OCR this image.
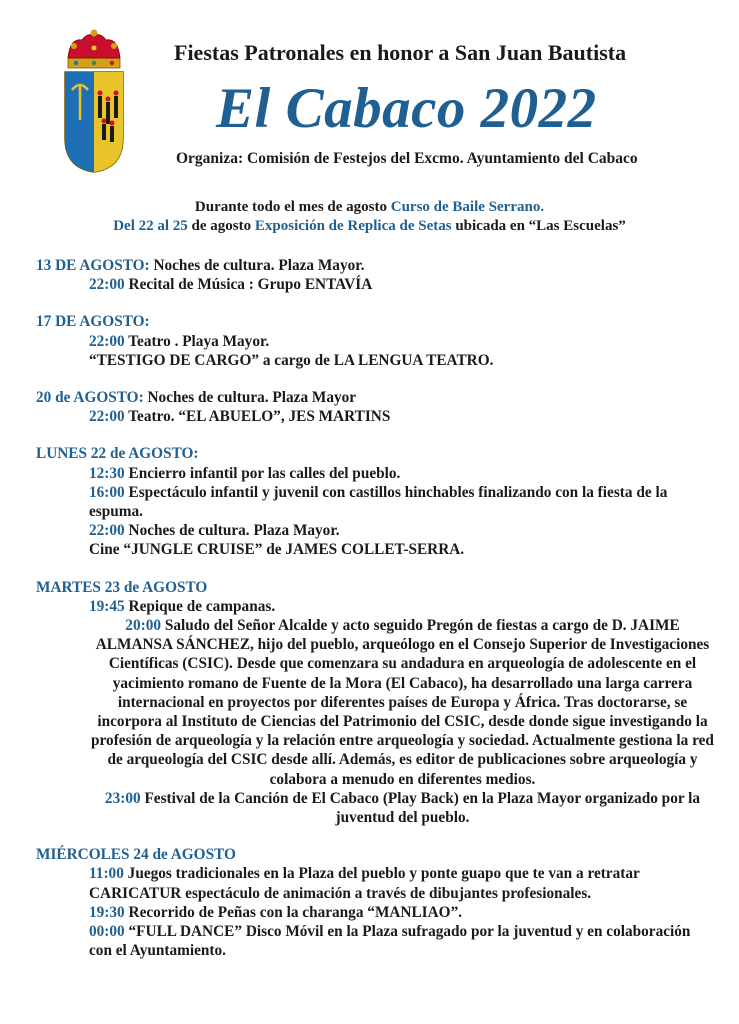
Fiestas Patronales en honor a San Juan Bautista
El Cabaco 2022
Organiza: Comisión de Festejos del Excmo. Ayuntamiento del Cabaco
Durante todo el mes de agosto Curso de Baile Serrano.
Del 22 al 25 de agosto Exposición de Replica de Setas ubicada en “Las Escuelas”
13 DE AGOSTO: Noches de cultura. Plaza Mayor.
22:00 Recital de Música : Grupo ENTAVÍA
17 DE AGOSTO:
22:00 Teatro . Playa Mayor.
“TESTIGO DE CARGO” a cargo de LA LENGUA TEATRO.
20 de AGOSTO: Noches de cultura. Plaza Mayor
22:00 Teatro. “EL ABUELO”, JES MARTINS
LUNES 22 de AGOSTO:
12:30 Encierro infantil por las calles del pueblo.
16:00 Espectáculo infantil y juvenil con castillos hinchables finalizando con la fiesta de la espuma.
22:00 Noches de cultura. Plaza Mayor.
Cine “JUNGLE CRUISE” de JAMES COLLET-SERRA.
MARTES 23 de AGOSTO
19:45 Repique de campanas.
20:00 Saludo del Señor Alcalde y acto seguido Pregón de fiestas a cargo de D. JAIME ALMANSA SÁNCHEZ, hijo del pueblo, arqueólogo en el Consejo Superior de Investigaciones Científicas (CSIC). Desde que comenzara su andadura en arqueología de adolescente en el yacimiento romano de Fuente de la Mora (El Cabaco), ha desarrollado una larga carrera internacional en proyectos por diferentes países de Europa y África. Tras doctorarse, se incorpora al Instituto de Ciencias del Patrimonio del CSIC, desde donde sigue investigando la profesión de arqueología y la relación entre arqueología y sociedad. Actualmente gestiona la red de arqueología del CSIC desde allí. Además, es editor de publicaciones sobre arqueología y colabora a menudo en diferentes medios.
23:00 Festival de la Canción de El Cabaco (Play Back) en la Plaza Mayor organizado por la juventud del pueblo.
MIÉRCOLES 24 de AGOSTO
11:00 Juegos tradicionales en la Plaza del pueblo y ponte guapo que te van a retratar CARICATUR espectáculo de animación a través de dibujantes profesionales.
19:30 Recorrido de Peñas con la charanga “MANLIAO”.
00:00 “FULL DANCE” Disco Móvil en la Plaza sufragado por la juventud y en colaboración con el Ayuntamiento.
